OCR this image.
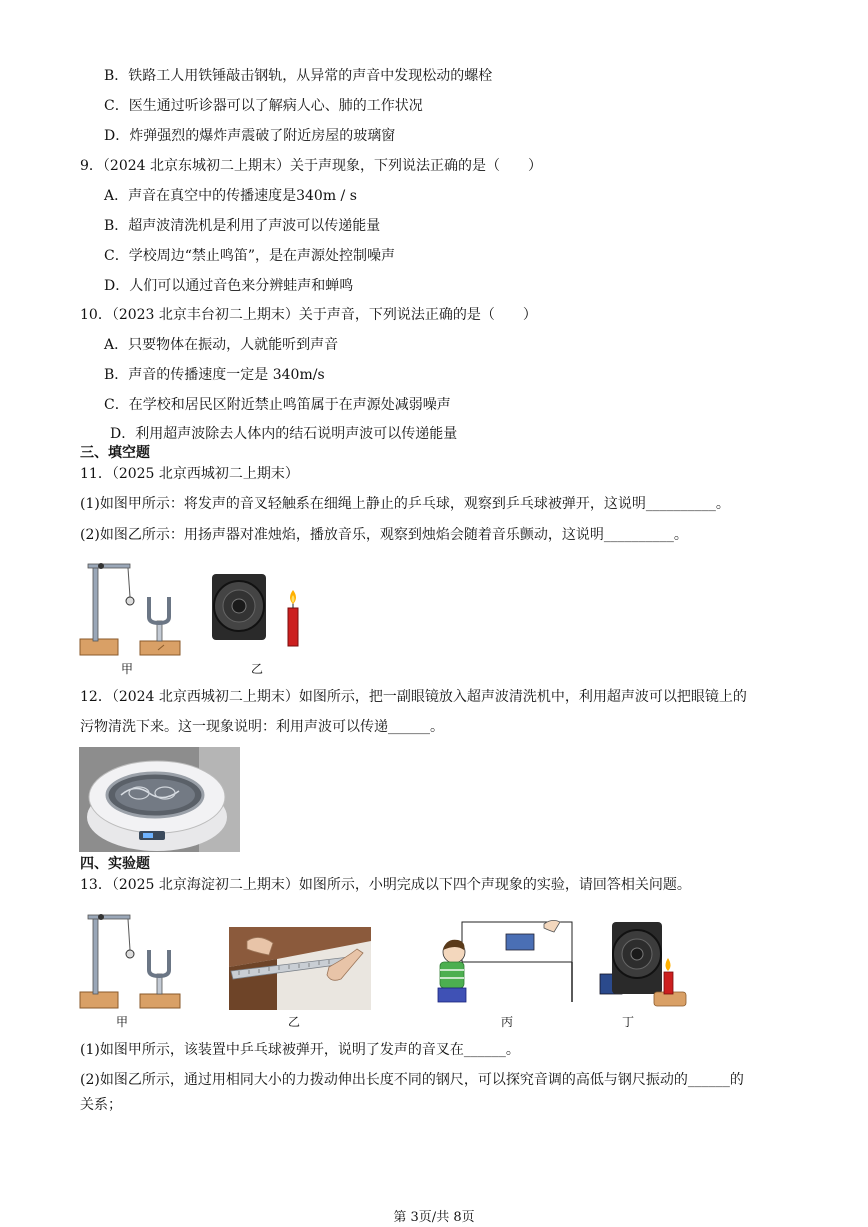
B．铁路工人用铁锤敲击钢轨，从异常的声音中发现松动的螺栓
C．医生通过听诊器可以了解病人心、肺的工作状况
D．炸弹强烈的爆炸声震破了附近房屋的玻璃窗
9．（2024 北京东城初二上期末）关于声现象，下列说法正确的是（　　）
A．声音在真空中的传播速度是340m / s
B．超声波清洗机是利用了声波可以传递能量
C．学校周边“禁止鸣笛”，是在声源处控制噪声
D．人们可以通过音色来分辨蛙声和蝉鸣
10．（2023 北京丰台初二上期末）关于声音，下列说法正确的是（　　）
A．只要物体在振动，人就能听到声音
B．声音的传播速度一定是 340m/s
C．在学校和居民区附近禁止鸣笛属于在声源处减弱噪声
D．利用超声波除去人体内的结石说明声波可以传递能量
三、填空题
11．（2025 北京西城初二上期末）
(1)如图甲所示：将发声的音叉轻触系在细绳上静止的乒乓球，观察到乒乓球被弹开，这说明__________。
(2)如图乙所示：用扬声器对准烛焰，播放音乐，观察到烛焰会随着音乐颤动，这说明__________。
甲	乙
12．（2024 北京西城初二上期末）如图所示，把一副眼镜放入超声波清洗机中，利用超声波可以把眼镜上的
污物清洗下来。这一现象说明：利用声波可以传递______。
四、实验题
13．（2025 北京海淀初二上期末）如图所示，小明完成以下四个声现象的实验，请回答相关问题。
甲	乙	丙	丁
(1)如图甲所示，该装置中乒乓球被弹开，说明了发声的音叉在______。
(2)如图乙所示，通过用相同大小的力拨动伸出长度不同的钢尺，可以探究音调的高低与钢尺振动的______的
关系；
第 3页/共 8页
